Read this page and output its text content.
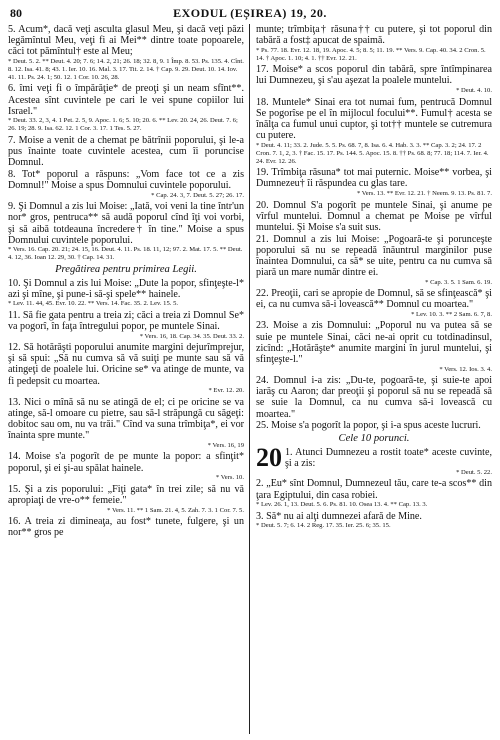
80	EXODUL (EȘIREA) 19, 20.

5. Acum*, dacă veţi asculta glasul Meu, şi dacă veţi păzi legămîntul Meu, veţi fi ai Mei** dintre toate popoarele, căci tot pămîntul† este al Meu;

* Deut. 5. 2. ** Deut. 4. 20; 7. 6; 14. 2, 21; 26. 18; 32. 8, 9. 1 Împ. 8. 53. Ps. 135. 4. Cînt. 8. 12. Isa. 41. 8; 43. 1. Ier. 10. 16. Mal. 3. 17. Tit. 2. 14. † Cap. 9. 29. Deut. 10. 14. Iov. 41. 11. Ps. 24. 1; 50. 12. 1 Cor. 10. 26, 28.

6. îmi veţi fi o împărăţie* de preoţi şi un neam sfînt**. Acestea sînt cuvintele pe cari le vei spune copiilor lui Israel."

* Deut. 33. 2, 3, 4. 1 Pet. 2. 5, 9. Apoc. 1. 6; 5. 10; 20. 6. ** Lev. 20. 24, 26. Deut. 7. 6; 26. 19; 28. 9. Isa. 62. 12. 1 Cor. 3. 17. 1 Tes. 5. 27.

7. Moise a venit de a chemat pe bătrînii poporului, şi le-a pus înainte toate cuvintele acestea, cum îi poruncise Domnul.

8. Tot* poporul a răspuns: „Vom face tot ce a zis Domnul!" Moise a spus Domnului cuvintele poporului.

* Cap. 24. 3, 7. Deut. 5. 27; 26. 17.

9. Şi Domnul a zis lui Moise: „Iată, voi veni la tine într'un nor* gros, pentruca** să audă poporul cînd îţi voi vorbi, şi să aibă totdeauna încredere† în tine." Moise a spus Domnului cuvintele poporului.

* Vers. 16. Cap. 20. 21; 24. 15, 16. Deut. 4. 11. Ps. 18. 11, 12; 97. 2. Mat. 17. 5. ** Deut. 4. 12, 36. Ioan 12. 29, 30. † Cap. 14. 31.

Pregătirea pentru primirea Legii.

10. Şi Domnul a zis lui Moise: „Dute la popor, sfinţeşte-l* azi şi mîne, şi pune-i să-şi spele** hainele.

* Lev. 11. 44, 45. Evr. 10. 22. ** Vers. 14. Fac. 35. 2. Lev. 15. 5.

11. Să fie gata pentru a treia zi; căci a treia zi Domnul Se* va pogorî, în faţa întregului popor, pe muntele Sinai.

* Vers. 16, 18. Cap. 34. 35. Deut. 33. 2.

12. Să hotărăşti poporului anumite margini dejurîmprejur, şi să spui: „Să nu cumva să vă suiţi pe munte sau să vă atingeţi de poalele lui. Oricine se* va atinge de munte, va fi pedepsit cu moartea.

* Evr. 12. 20.

13. Nici o mînă să nu se atingă de el; ci pe oricine se va atinge, să-l omoare cu pietre, sau să-l străpungă cu săgeţi: dobitoc sau om, nu va trăi." Cînd va suna trîmbiţa*, ei vor înainta spre munte."

* Vers. 16, 19

14. Moise s'a pogorît de pe munte la popor: a sfinţit* poporul, şi ei şi-au spălat hainele.

* Vers. 10.

15. Şi a zis poporului: „Fiţi gata* în trei zile; să nu vă apropiaţi de vre-o** femeie."

* Vers. 11. ** 1 Sam. 21. 4, 5. Zah. 7. 3. 1 Cor. 7. 5.

16. A treia zi dimineaţa, au fost* tunete, fulgere, şi un nor** gros pe

munte; trîmbiţa† răsuna†† cu putere, şi tot poporul din tabără a fost‡ apucat de spaimă.

* Ps. 77. 18. Evr. 12. 18, 19. Apoc. 4. 5; 8. 5; 11. 19. ** Vers. 9. Cap. 40. 34. 2 Cron. 5. 14. † Apoc. 1. 10; 4. 1. †† Evr. 12. 21.

17. Moise* a scos poporul din tabără, spre întîmpinarea lui Dumnezeu, şi s'au aşezat la poalele muntelui.

* Deut. 4. 10.

18. Muntele* Sinai era tot numai fum, pentrucă Domnul Se pogorîse pe el în mijlocul focului**. Fumul† acesta se înălţa ca fumul unui cuptor, şi tot†† muntele se cutremura cu putere.

* Deut. 4. 11; 33. 2. Jude. 5. 5. Ps. 68. 7, 8. Isa. 6. 4. Hab. 3. 3. ** Cap. 3. 2; 24. 17. 2 Cron. 7. 1, 2, 3. † Fac. 15. 17. Ps. 144. 5. Apoc. 15. 8. †† Ps. 68. 8; 77. 18; 114. 7. Ier. 4. 24. Evr. 12. 26.

19. Trîmbiţa răsuna* tot mai puternic. Moise** vorbea, şi Dumnezeu† îi răspundea cu glas tare.

* Vers. 13. ** Evr. 12. 21. † Neem. 9. 13. Ps. 81. 7.

20. Domnul S'a pogorît pe muntele Sinai, şi anume pe vîrful muntelui. Domnul a chemat pe Moise pe vîrful muntelui. Şi Moise s'a suit sus.

21. Domnul a zis lui Moise: „Pogoară-te şi porunceşte poporului să nu se repeadă înăuntrul marginilor puse înaintea Domnului, ca să* se uite, pentru ca nu cumva să piară un mare număr dintre ei.

* Cap. 3. 5. 1 Sam. 6. 19.

22. Preoţii, cari se apropie de Domnul, să se sfinţească* şi ei, ca nu cumva să-i lovească** Domnul cu moartea."

* Lev. 10. 3. ** 2 Sam. 6. 7, 8.

23. Moise a zis Domnului: „Poporul nu va putea să se suie pe muntele Sinai, căci ne-ai oprit cu totdinadinsul, zicînd: „Hotărăşte* anumite margini în jurul muntelui, şi sfinţeşte-l."

* Vers. 12. Ios. 3. 4.

24. Domnul i-a zis: „Du-te, pogoară-te, şi suie-te apoi iarăş cu Aaron; dar preoţii şi poporul să nu se repeadă să se suie la Domnul, ca nu cumva să-i lovească cu moartea."

25. Moise s'a pogorît la popor, şi i-a spus aceste lucruri.

Cele 10 porunci.
20 1. Atunci Dumnezeu a rostit toate* aceste cuvinte, şi a zis:

* Deut. 5. 22.

2. „Eu* sînt Domnul, Dumnezeul tău, care te-a scos** din ţara Egiptului, din casa robiei.

* Lev. 26. 1, 13. Deut. 5. 6. Ps. 81. 10. Osea 13. 4. ** Cap. 13. 3.

3. Să* nu ai alţi dumnezei afară de Mine.

* Deut. 5. 7; 6. 14. 2 Reg. 17. 35. Ier. 25. 6; 35. 15.
